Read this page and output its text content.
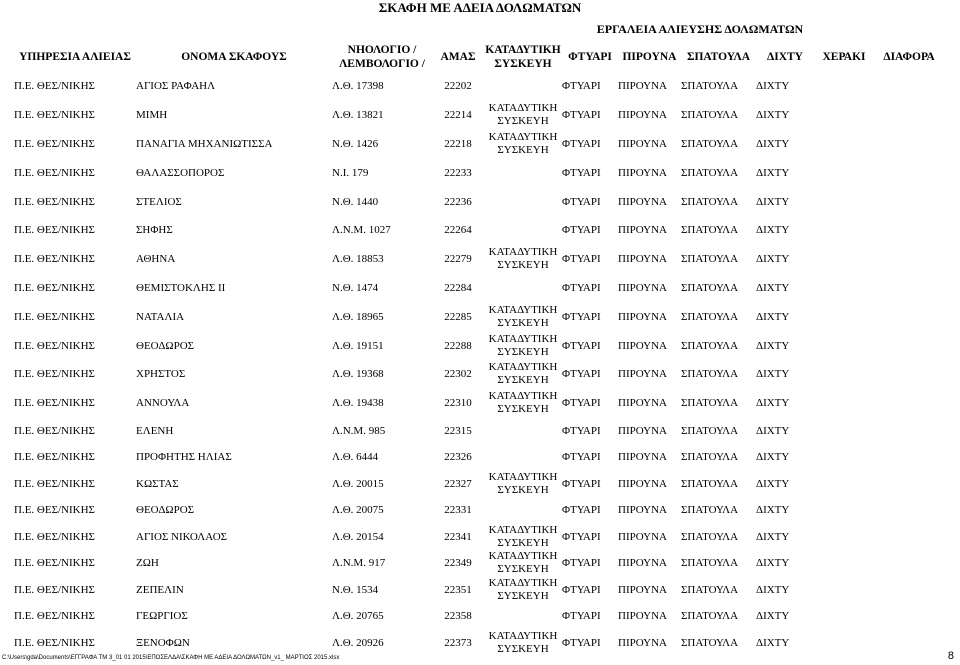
ΣΚΑΦΗ ΜΕ ΑΔΕΙΑ ΔΟΛΩΜΑΤΩΝ
ΕΡΓΑΛΕΙΑ ΑΛΙΕΥΣΗΣ ΔΟΛΩΜΑΤΩΝ
ΥΠΗΡΕΣΙΑ ΑΛΙΕΙΑΣ	ΟΝΟΜΑ ΣΚΑΦΟΥΣ	ΝΗΟΛΟΓΙΟ / ΛΕΜΒΟΛΟΓΙΟ /	ΑΜΑΣ	ΚΑΤΑΔΥΤΙΚΗ ΣΥΣΚΕΥΗ	ΦΤΥΑΡΙ	ΠΙΡΟΥΝΑ	ΣΠΑΤΟΥΛΑ	ΔΙΧΤΥ	ΧΕΡΑΚΙ	ΔΙΑΦΟΡΑ
Π.Ε. ΘΕΣ/ΝΙΚΗΣ	ΑΓΙΟΣ ΡΑΦΑΗΛ	Λ.Θ. 17398	22202		ΦΤΥΑΡΙ	ΠΙΡΟΥΝΑ	ΣΠΑΤΟΥΛΑ	ΔΙΧΤΥ		
Π.Ε. ΘΕΣ/ΝΙΚΗΣ	ΜΙΜΗ	Λ.Θ. 13821	22214	ΚΑΤΑΔΥΤΙΚΗ ΣΥΣΚΕΥΗ	ΦΤΥΑΡΙ	ΠΙΡΟΥΝΑ	ΣΠΑΤΟΥΛΑ	ΔΙΧΤΥ		
Π.Ε. ΘΕΣ/ΝΙΚΗΣ	ΠΑΝΑΓΙΑ ΜΗΧΑΝΙΩΤΙΣΣΑ	Ν.Θ. 1426	22218	ΚΑΤΑΔΥΤΙΚΗ ΣΥΣΚΕΥΗ	ΦΤΥΑΡΙ	ΠΙΡΟΥΝΑ	ΣΠΑΤΟΥΛΑ	ΔΙΧΤΥ		
Π.Ε. ΘΕΣ/ΝΙΚΗΣ	ΘΑΛΑΣΣΟΠΟΡΟΣ	Ν.Ι. 179	22233		ΦΤΥΑΡΙ	ΠΙΡΟΥΝΑ	ΣΠΑΤΟΥΛΑ	ΔΙΧΤΥ		
Π.Ε. ΘΕΣ/ΝΙΚΗΣ	ΣΤΕΛΙΟΣ	Ν.Θ. 1440	22236		ΦΤΥΑΡΙ	ΠΙΡΟΥΝΑ	ΣΠΑΤΟΥΛΑ	ΔΙΧΤΥ		
Π.Ε. ΘΕΣ/ΝΙΚΗΣ	ΣΗΦΗΣ	Λ.Ν.Μ. 1027	22264		ΦΤΥΑΡΙ	ΠΙΡΟΥΝΑ	ΣΠΑΤΟΥΛΑ	ΔΙΧΤΥ		
Π.Ε. ΘΕΣ/ΝΙΚΗΣ	ΑΘΗΝΑ	Λ.Θ. 18853	22279	ΚΑΤΑΔΥΤΙΚΗ ΣΥΣΚΕΥΗ	ΦΤΥΑΡΙ	ΠΙΡΟΥΝΑ	ΣΠΑΤΟΥΛΑ	ΔΙΧΤΥ		
Π.Ε. ΘΕΣ/ΝΙΚΗΣ	ΘΕΜΙΣΤΟΚΛΗΣ ΙΙ	Ν.Θ. 1474	22284		ΦΤΥΑΡΙ	ΠΙΡΟΥΝΑ	ΣΠΑΤΟΥΛΑ	ΔΙΧΤΥ		
Π.Ε. ΘΕΣ/ΝΙΚΗΣ	ΝΑΤΑΛΙΑ	Λ.Θ. 18965	22285	ΚΑΤΑΔΥΤΙΚΗ ΣΥΣΚΕΥΗ	ΦΤΥΑΡΙ	ΠΙΡΟΥΝΑ	ΣΠΑΤΟΥΛΑ	ΔΙΧΤΥ		
Π.Ε. ΘΕΣ/ΝΙΚΗΣ	ΘΕΟΔΩΡΟΣ	Λ.Θ. 19151	22288	ΚΑΤΑΔΥΤΙΚΗ ΣΥΣΚΕΥΗ	ΦΤΥΑΡΙ	ΠΙΡΟΥΝΑ	ΣΠΑΤΟΥΛΑ	ΔΙΧΤΥ		
Π.Ε. ΘΕΣ/ΝΙΚΗΣ	ΧΡΗΣΤΟΣ	Λ.Θ. 19368	22302	ΚΑΤΑΔΥΤΙΚΗ ΣΥΣΚΕΥΗ	ΦΤΥΑΡΙ	ΠΙΡΟΥΝΑ	ΣΠΑΤΟΥΛΑ	ΔΙΧΤΥ		
Π.Ε. ΘΕΣ/ΝΙΚΗΣ	ΑΝΝΟΥΛΑ	Λ.Θ. 19438	22310	ΚΑΤΑΔΥΤΙΚΗ ΣΥΣΚΕΥΗ	ΦΤΥΑΡΙ	ΠΙΡΟΥΝΑ	ΣΠΑΤΟΥΛΑ	ΔΙΧΤΥ		
Π.Ε. ΘΕΣ/ΝΙΚΗΣ	ΕΛΕΝΗ	Λ.Ν.Μ. 985	22315		ΦΤΥΑΡΙ	ΠΙΡΟΥΝΑ	ΣΠΑΤΟΥΛΑ	ΔΙΧΤΥ		
Π.Ε. ΘΕΣ/ΝΙΚΗΣ	ΠΡΟΦΗΤΗΣ ΗΛΙΑΣ	Λ.Θ. 6444	22326		ΦΤΥΑΡΙ	ΠΙΡΟΥΝΑ	ΣΠΑΤΟΥΛΑ	ΔΙΧΤΥ		
Π.Ε. ΘΕΣ/ΝΙΚΗΣ	ΚΩΣΤΑΣ	Λ.Θ. 20015	22327	ΚΑΤΑΔΥΤΙΚΗ ΣΥΣΚΕΥΗ	ΦΤΥΑΡΙ	ΠΙΡΟΥΝΑ	ΣΠΑΤΟΥΛΑ	ΔΙΧΤΥ		
Π.Ε. ΘΕΣ/ΝΙΚΗΣ	ΘΕΟΔΩΡΟΣ	Λ.Θ. 20075	22331		ΦΤΥΑΡΙ	ΠΙΡΟΥΝΑ	ΣΠΑΤΟΥΛΑ	ΔΙΧΤΥ		
Π.Ε. ΘΕΣ/ΝΙΚΗΣ	ΑΓΙΟΣ ΝΙΚΟΛΑΟΣ	Λ.Θ. 20154	22341	ΚΑΤΑΔΥΤΙΚΗ ΣΥΣΚΕΥΗ	ΦΤΥΑΡΙ	ΠΙΡΟΥΝΑ	ΣΠΑΤΟΥΛΑ	ΔΙΧΤΥ		
Π.Ε. ΘΕΣ/ΝΙΚΗΣ	ΖΩΗ	Λ.Ν.Μ. 917	22349	ΚΑΤΑΔΥΤΙΚΗ ΣΥΣΚΕΥΗ	ΦΤΥΑΡΙ	ΠΙΡΟΥΝΑ	ΣΠΑΤΟΥΛΑ	ΔΙΧΤΥ		
Π.Ε. ΘΕΣ/ΝΙΚΗΣ	ΖΕΠΕΛΙΝ	Ν.Θ. 1534	22351	ΚΑΤΑΔΥΤΙΚΗ ΣΥΣΚΕΥΗ	ΦΤΥΑΡΙ	ΠΙΡΟΥΝΑ	ΣΠΑΤΟΥΛΑ	ΔΙΧΤΥ		
Π.Ε. ΘΕΣ/ΝΙΚΗΣ	ΓΕΩΡΓΙΟΣ	Λ.Θ. 20765	22358		ΦΤΥΑΡΙ	ΠΙΡΟΥΝΑ	ΣΠΑΤΟΥΛΑ	ΔΙΧΤΥ		
Π.Ε. ΘΕΣ/ΝΙΚΗΣ	ΞΕΝΟΦΩΝ	Λ.Θ. 20926	22373	ΚΑΤΑΔΥΤΙΚΗ ΣΥΣΚΕΥΗ	ΦΤΥΑΡΙ	ΠΙΡΟΥΝΑ	ΣΠΑΤΟΥΛΑ	ΔΙΧΤΥ		
C:\Users\gda\Documents\ΕΓΓΡΑΦΑ TM 3_01 01 2015\ΕΠΟΣΕΛΔΑ\ΣΚΑΦΗ ΜΕ ΑΔΕΙΑ ΔΟΛΩΜΑΤΩΝ_v1_ ΜΑΡΤΙΟΣ 2015.xlsx	8
